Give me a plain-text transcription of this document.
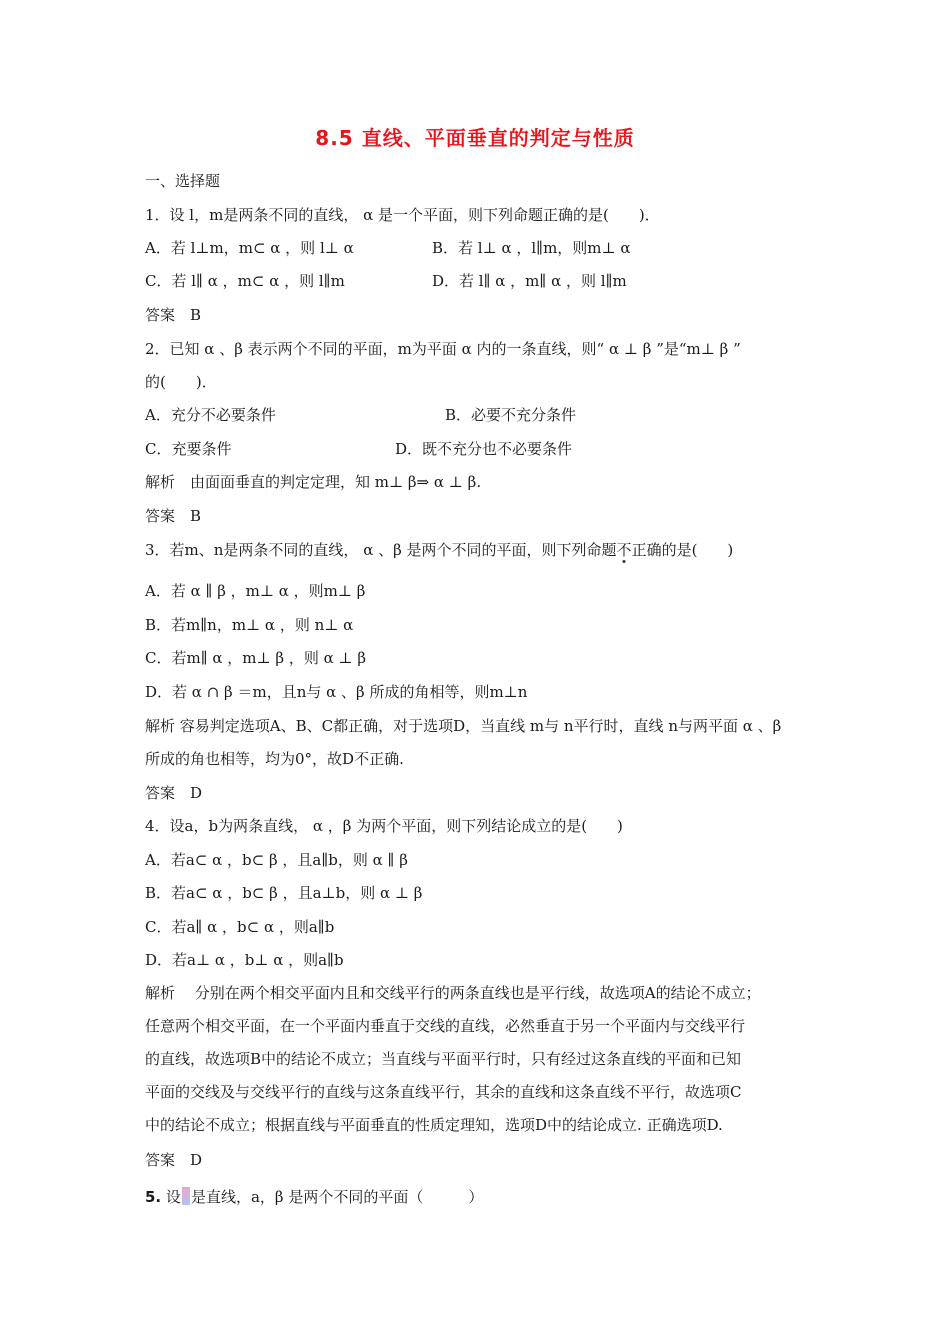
8.5 直线、平面垂直的判定与性质
一、选择题
1．设 l，m是两条不同的直线， α 是一个平面，则下列命题正确的是(　　)．
A．若 l⊥m，m⊂ α ，则 l⊥ α	B．若 l⊥ α ，l∥m，则m⊥ α
C．若 l∥ α ，m⊂ α ，则 l∥m	D．若 l∥ α ，m∥ α ，则 l∥m
答案　B
2．已知 α 、β 表示两个不同的平面，m为平面 α 内的一条直线，则“ α ⊥ β ”是“m⊥ β ”
的(　　)．
A．充分不必要条件	B．必要不充分条件
C．充要条件	D．既不充分也不必要条件
解析　由面面垂直的判定定理，知 m⊥ β⇒ α ⊥ β.
答案　B
3．若m、n是两条不同的直线， α 、β 是两个不同的平面，则下列命题不正确的是(　　)
A．若 α ∥ β ，m⊥ α ，则m⊥ β
B．若m∥n，m⊥ α ，则 n⊥ α
C．若m∥ α ，m⊥ β ，则 α ⊥ β
D．若 α ∩ β ＝m，且n与 α 、β 所成的角相等，则m⊥n
解析 容易判定选项A、B、C都正确，对于选项D，当直线 m与 n平行时，直线 n与两平面 α 、β
所成的角也相等，均为0°，故D不正确.
答案　D
4．设a，b为两条直线， α ，β 为两个平面，则下列结论成立的是(　　)
A．若a⊂ α ，b⊂ β ，且a∥b，则 α ∥ β
B．若a⊂ α ，b⊂ β ，且a⊥b，则 α ⊥ β
C．若a∥ α ，b⊂ α ，则a∥b
D．若a⊥ α ，b⊥ α ，则a∥b
解析　 分别在两个相交平面内且和交线平行的两条直线也是平行线，故选项A的结论不成立；
任意两个相交平面，在一个平面内垂直于交线的直线，必然垂直于另一个平面内与交线平行
的直线，故选项B中的结论不成立；当直线与平面平行时，只有经过这条直线的平面和已知
平面的交线及与交线平行的直线与这条直线平行，其余的直线和这条直线不平行，故选项C
中的结论不成立；根据直线与平面垂直的性质定理知，选项D中的结论成立. 正确选项D.
答案　D
5. 设 是直线，a，β 是两个不同的平面（　　　）
